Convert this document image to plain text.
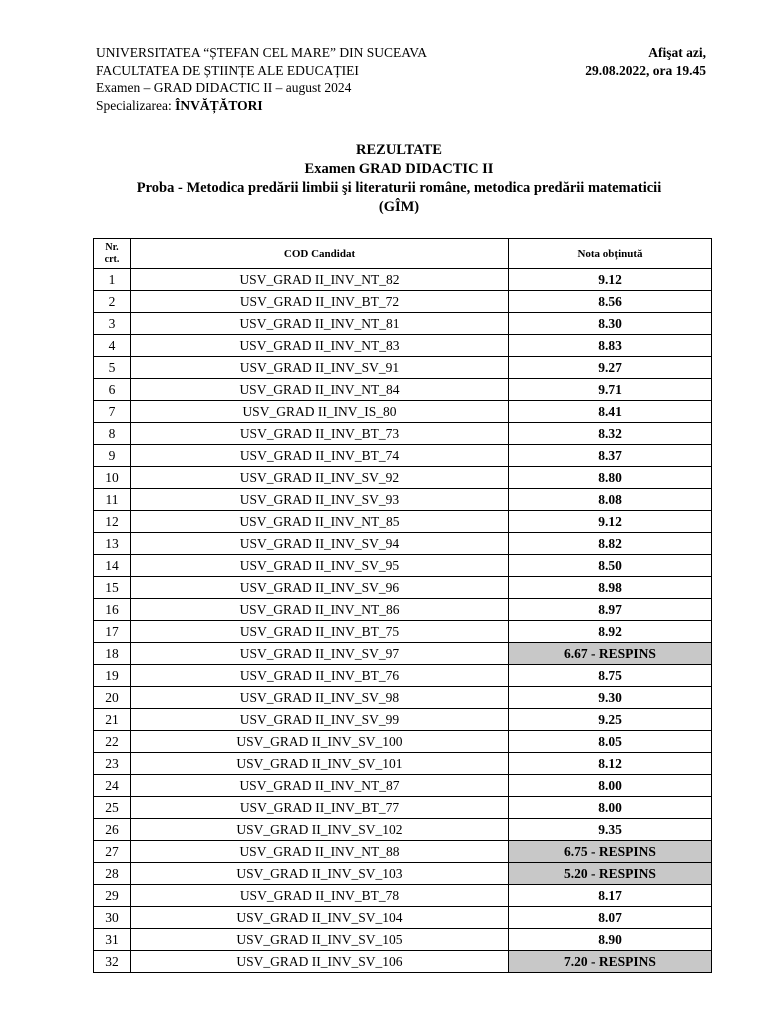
UNIVERSITATEA “ȘTEFAN CEL MARE” DIN SUCEAVA
FACULTATEA DE ȘTIINȚE ALE EDUCAȚIEI
Examen – GRAD DIDACTIC II – august 2024
Specializarea: ÎNVĂȚĂTORI
Afişat azi,
29.08.2022, ora 19.45
REZULTATE
Examen GRAD DIDACTIC II
Proba - Metodica predării limbii şi literaturii române, metodica predării matematicii
(GÎM)
Nr.
crt.	COD Candidat	Nota obținută
1	USV_GRAD II_INV_NT_82	9.12
2	USV_GRAD II_INV_BT_72	8.56
3	USV_GRAD II_INV_NT_81	8.30
4	USV_GRAD II_INV_NT_83	8.83
5	USV_GRAD II_INV_SV_91	9.27
6	USV_GRAD II_INV_NT_84	9.71
7	USV_GRAD II_INV_IS_80	8.41
8	USV_GRAD II_INV_BT_73	8.32
9	USV_GRAD II_INV_BT_74	8.37
10	USV_GRAD II_INV_SV_92	8.80
11	USV_GRAD II_INV_SV_93	8.08
12	USV_GRAD II_INV_NT_85	9.12
13	USV_GRAD II_INV_SV_94	8.82
14	USV_GRAD II_INV_SV_95	8.50
15	USV_GRAD II_INV_SV_96	8.98
16	USV_GRAD II_INV_NT_86	8.97
17	USV_GRAD II_INV_BT_75	8.92
18	USV_GRAD II_INV_SV_97	6.67 - RESPINS
19	USV_GRAD II_INV_BT_76	8.75
20	USV_GRAD II_INV_SV_98	9.30
21	USV_GRAD II_INV_SV_99	9.25
22	USV_GRAD II_INV_SV_100	8.05
23	USV_GRAD II_INV_SV_101	8.12
24	USV_GRAD II_INV_NT_87	8.00
25	USV_GRAD II_INV_BT_77	8.00
26	USV_GRAD II_INV_SV_102	9.35
27	USV_GRAD II_INV_NT_88	6.75 - RESPINS
28	USV_GRAD II_INV_SV_103	5.20 - RESPINS
29	USV_GRAD II_INV_BT_78	8.17
30	USV_GRAD II_INV_SV_104	8.07
31	USV_GRAD II_INV_SV_105	8.90
32	USV_GRAD II_INV_SV_106	7.20 - RESPINS
